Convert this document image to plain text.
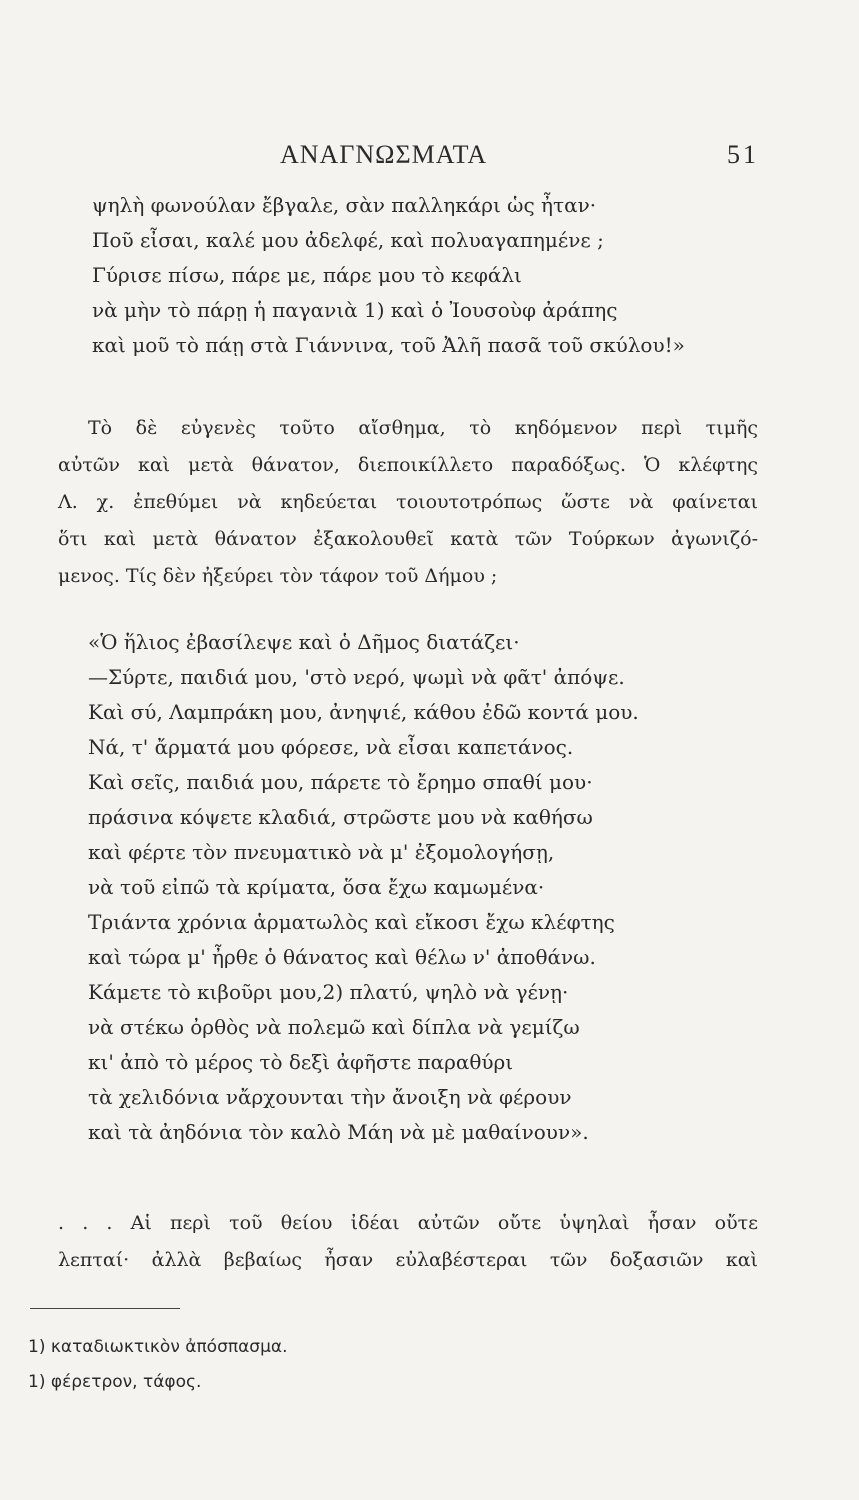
ΑΝΑΓΝΩΣΜΑΤΑ	51
ψηλὴ φωνούλαν ἔβγαλε, σὰν παλληκάρι ὡς ἦταν·
Ποῦ εἶσαι, καλέ μου ἀδελφέ, καὶ πολυαγαπημένε ;
Γύρισε πίσω, πάρε με, πάρε μου τὸ κεφάλι
νὰ μὴν τὸ πάρῃ ἡ παγανιὰ 1) καὶ ὁ Ἰουσοὺφ ἀράπης
καὶ μοῦ τὸ πάῃ στὰ Γιάννινα, τοῦ Ἀλῆ πασᾶ τοῦ σκύλου!»
Τὸ δὲ εὐγενὲς τοῦτο αἴσθημα, τὸ κηδόμενον περὶ τιμῆς
αὐτῶν καὶ μετὰ θάνατον, διεποικίλλετο παραδόξως. Ὁ κλέφτης
Λ. χ. ἐπεθύμει νὰ κηδεύεται τοιουτοτρόπως ὥστε νὰ φαίνεται
ὅτι καὶ μετὰ θάνατον ἐξακολουθεῖ κατὰ τῶν Τούρκων ἀγωνιζό-
μενος. Τίς δὲν ἠξεύρει τὸν τάφον τοῦ Δήμου ;
«Ὁ ἥλιος ἐβασίλεψε καὶ ὁ Δῆμος διατάζει·
—Σύρτε, παιδιά μου, 'στὸ νερό, ψωμὶ νὰ φᾶτ' ἀπόψε.
Καὶ σύ, Λαμπράκη μου, ἀνηψιέ, κάθου ἐδῶ κοντά μου.
Νά, τ' ἄρματά μου φόρεσε, νὰ εἶσαι καπετάνος.
Καὶ σεῖς, παιδιά μου, πάρετε τὸ ἔρημο σπαθί μου·
πράσινα κόψετε κλαδιά, στρῶστε μου νὰ καθήσω
καὶ φέρτε τὸν πνευματικὸ νὰ μ' ἐξομολογήσῃ,
νὰ τοῦ εἰπῶ τὰ κρίματα, ὅσα ἔχω καμωμένα·
Τριάντα χρόνια ἁρματωλὸς καὶ εἴκοσι ἔχω κλέφτης
καὶ τώρα μ' ἦρθε ὁ θάνατος καὶ θέλω ν' ἀποθάνω.
Κάμετε τὸ κιβοῦρι μου,2) πλατύ, ψηλὸ νὰ γένῃ·
νὰ στέκω ὀρθὸς νὰ πολεμῶ καὶ δίπλα νὰ γεμίζω
κι' ἀπὸ τὸ μέρος τὸ δεξὶ ἀφῆστε παραθύρι
τὰ χελιδόνια νἄρχουνται τὴν ἄνοιξη νὰ φέρουν
καὶ τὰ ἀηδόνια τὸν καλὸ Μάη νὰ μὲ μαθαίνουν».
. . . Αἱ περὶ τοῦ θείου ἰδέαι αὐτῶν οὔτε ὑψηλαὶ ἦσαν οὔτε
λεπταί· ἀλλὰ βεβαίως ἦσαν εὐλαβέστεραι τῶν δοξασιῶν καὶ
1) καταδιωκτικὸν ἀπόσπασμα.
1) φέρετρον, τάφος.
